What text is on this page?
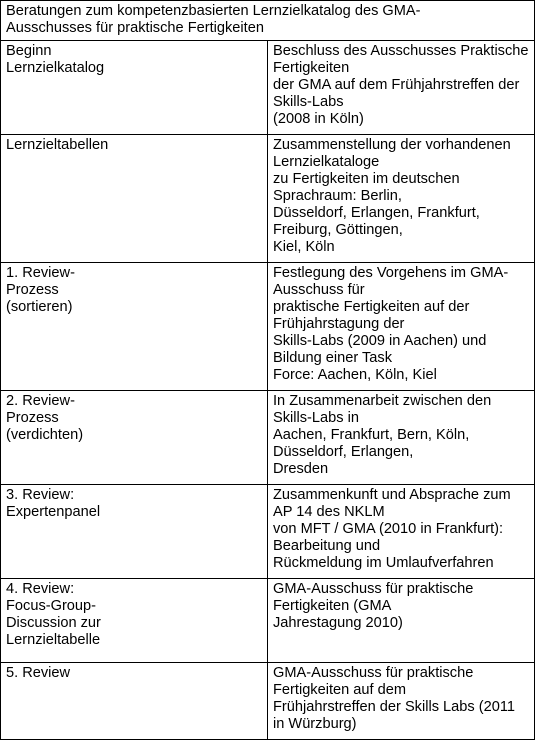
Beratungen zum kompetenzbasierten Lernzielkatalog des GMA-
Ausschusses für praktische Fertigkeiten	
Beginn
Lernzielkatalog	Beschluss des Ausschusses Praktische Fertigkeiten
der GMA auf dem Frühjahrstreffen der Skills-Labs
(2008 in Köln)
Lernzieltabellen	Zusammenstellung der vorhandenen Lernzielkataloge
zu Fertigkeiten im deutschen Sprachraum: Berlin,
Düsseldorf, Erlangen, Frankfurt, Freiburg, Göttingen,
Kiel, Köln
1. Review-
Prozess
(sortieren)	Festlegung des Vorgehens im GMA-Ausschuss für
praktische Fertigkeiten auf der Frühjahrstagung der
Skills-Labs (2009 in Aachen) und Bildung einer Task
Force: Aachen, Köln, Kiel
2. Review-
Prozess
(verdichten)	In Zusammenarbeit zwischen den Skills-Labs in
Aachen, Frankfurt, Bern, Köln, Düsseldorf, Erlangen,
Dresden
3. Review:
Expertenpanel	Zusammenkunft und Absprache zum AP 14 des NKLM
von MFT / GMA (2010 in Frankfurt): Bearbeitung und
Rückmeldung im Umlaufverfahren
4. Review:
Focus-Group-
Discussion zur
Lernzieltabelle	GMA-Ausschuss für praktische Fertigkeiten (GMA
Jahrestagung 2010)
5. Review	GMA-Ausschuss für praktische Fertigkeiten auf dem
Frühjahrstreffen der Skills Labs (2011 in Würzburg)
